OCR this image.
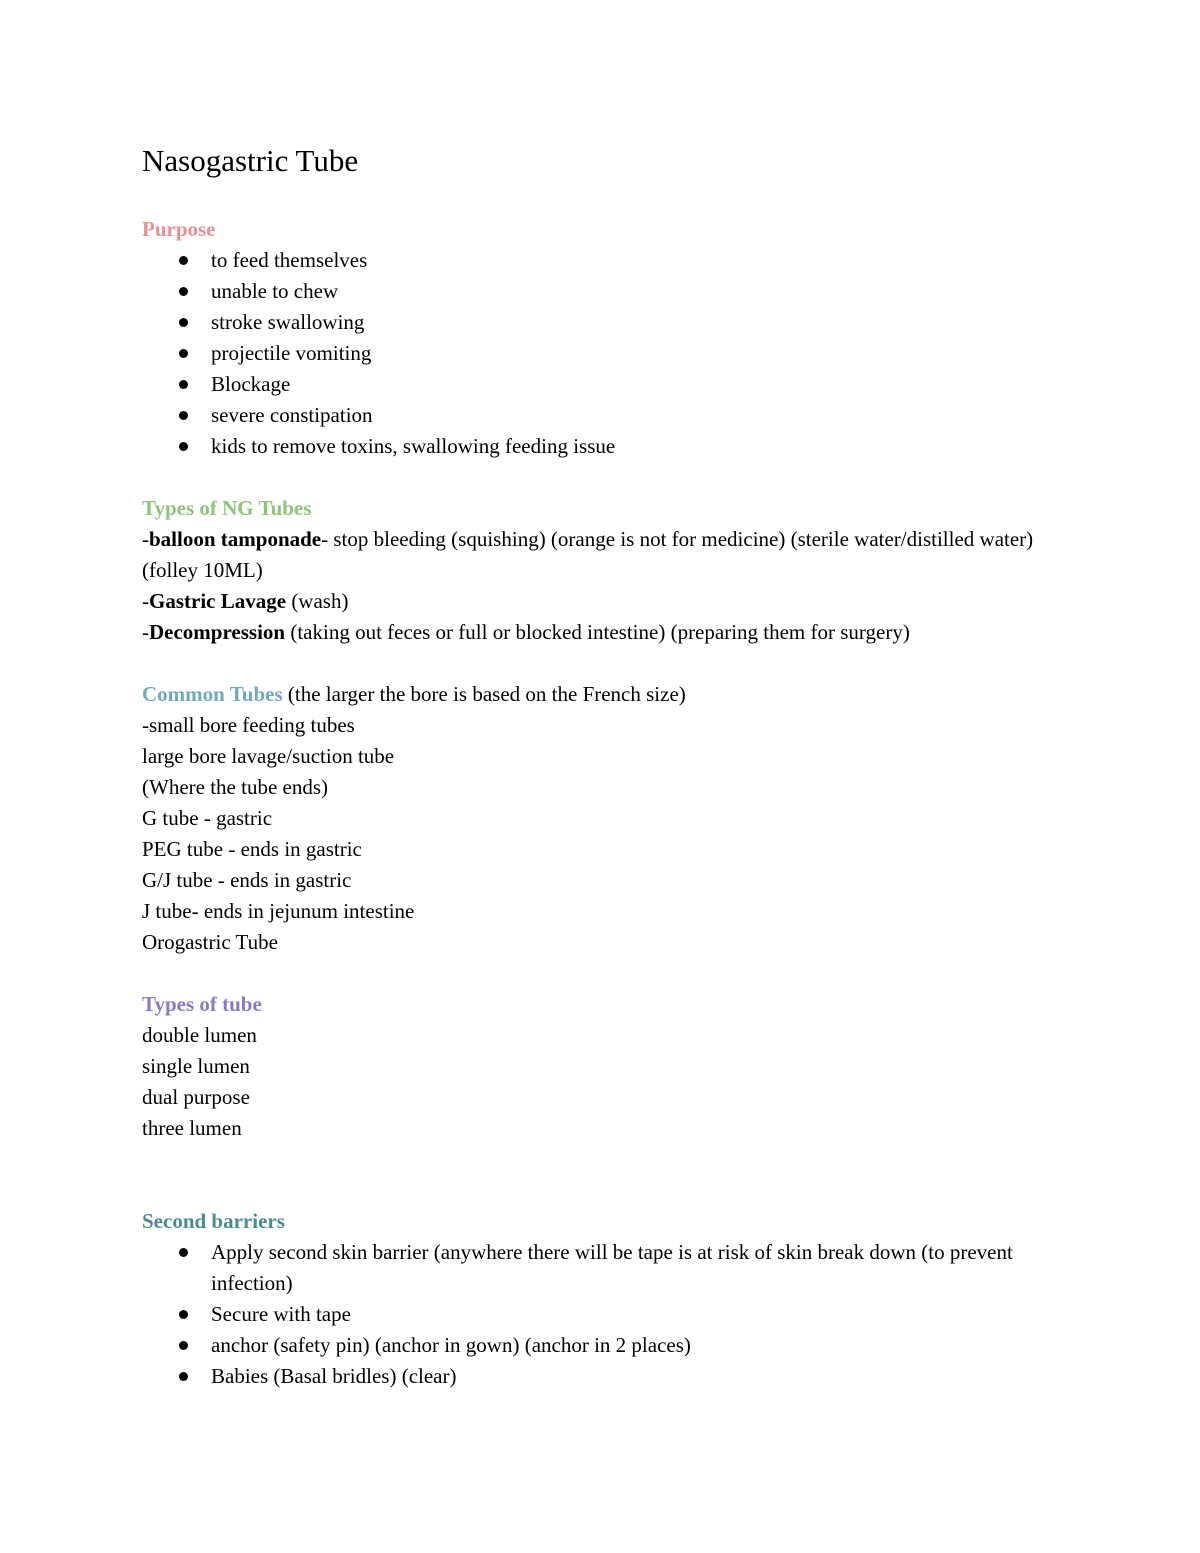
Nasogastric Tube
Purpose
to feed themselves
unable to chew
stroke swallowing
projectile vomiting
Blockage
severe constipation
kids to remove toxins, swallowing feeding issue
Types of NG Tubes
-balloon tamponade- stop bleeding (squishing) (orange is not for medicine) (sterile water/distilled water) (folley 10ML)
-Gastric Lavage (wash)
-Decompression (taking out feces or full or blocked intestine) (preparing them for surgery)
Common Tubes (the larger the bore is based on the French size)
-small bore feeding tubes
large bore lavage/suction tube
(Where the tube ends)
G tube - gastric
PEG tube - ends in gastric
G/J tube - ends in gastric
J tube- ends in jejunum intestine
Orogastric Tube
Types of tube
double lumen
single lumen
dual purpose
three lumen
Second barriers
Apply second skin barrier (anywhere there will be tape is at risk of skin break down (to prevent infection)
Secure with tape
anchor (safety pin) (anchor in gown) (anchor in 2 places)
Babies (Basal bridles) (clear)
